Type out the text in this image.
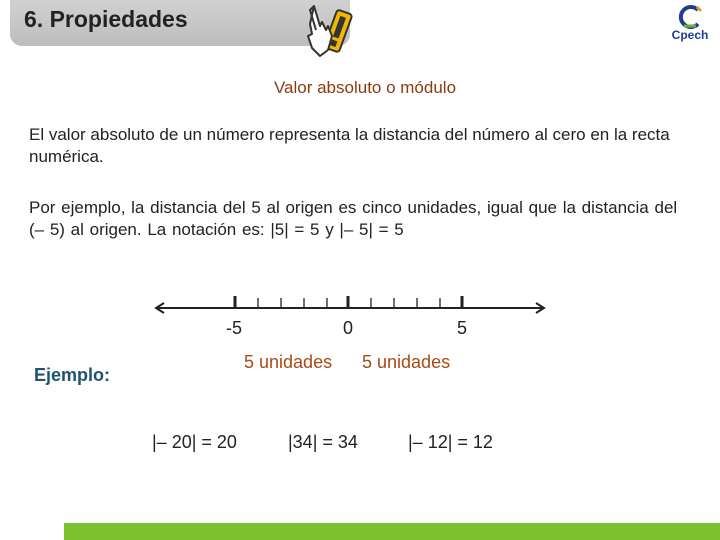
6. Propiedades
Cpech
Valor absoluto o módulo
El valor absoluto de un número representa la distancia del número al cero en la recta numérica.
Por ejemplo, la distancia del 5 al origen es cinco unidades, igual que la distancia del (– 5) al origen. La notación es: |5| = 5 y |– 5| = 5
-5	0	5
5 unidades 5 unidades
Ejemplo:
|– 20| = 20	|34| = 34	|– 12| = 12
